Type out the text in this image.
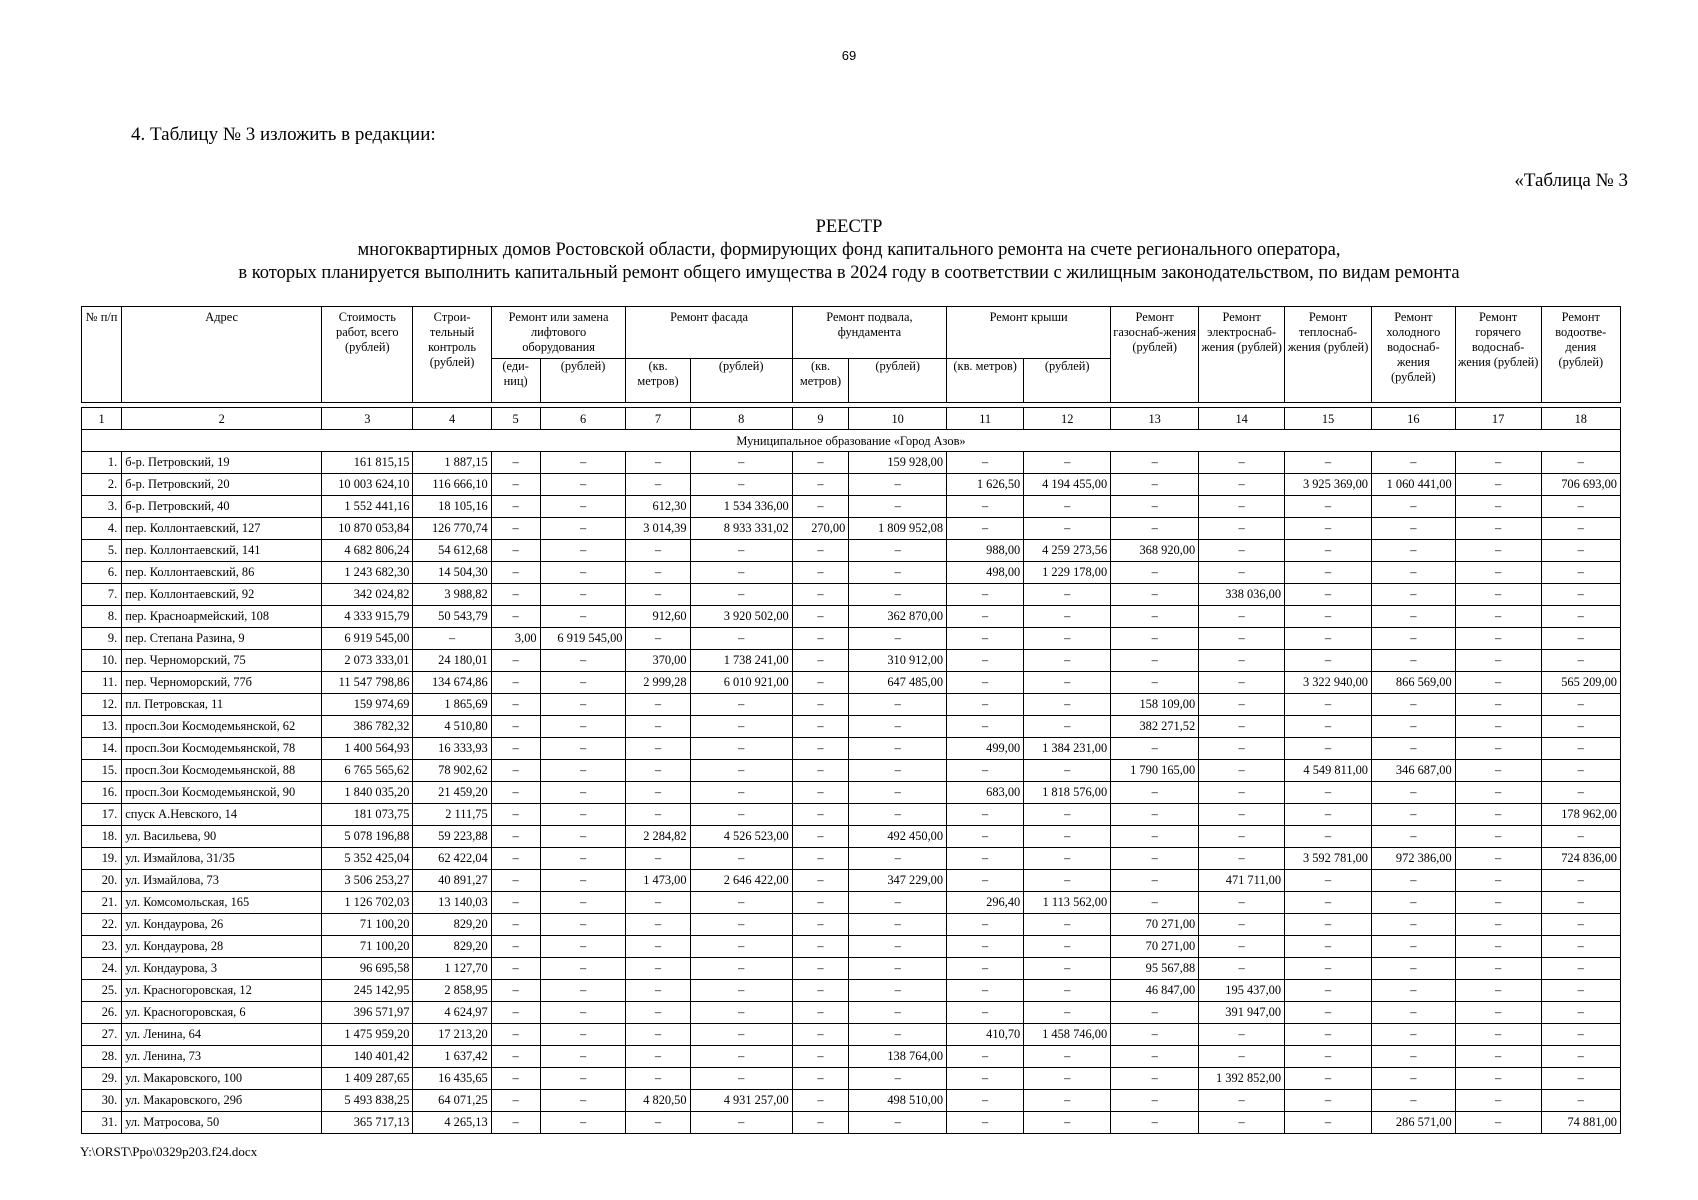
69
4. Таблицу № 3 изложить в редакции:
«Таблица № 3
РЕЕСТР
многоквартирных домов Ростовской области, формирующих фонд капитального ремонта на счете регионального оператора,
в которых планируется выполнить капитальный ремонт общего имущества в 2024 году в соответствии с жилищным законодательством, по видам ремонта
№ п/п	Адрес	Стоимость работ, всего (рублей)	Строи-тельный контроль (рублей)	Ремонт или замена лифтового оборудования		Ремонт фасада		Ремонт подвала, фундамента		Ремонт крыши		Ремонт газоснаб-жения (рублей)	Ремонт электроснаб-жения (рублей)	Ремонт теплоснаб-жения (рублей)	Ремонт холодного водоснаб-жения (рублей)	Ремонт горячего водоснаб-жения (рублей)	Ремонт водоотве-дения (рублей)
				(еди-ниц)	(рублей)	(кв. метров)	(рублей)	(кв. метров)	(рублей)	(кв. метров)	(рублей)						

1	2	3	4	5	6	7	8	9	10	11	12	13	14	15	16	17	18
Муниципальное образование «Город Азов»																	
1.	б-р. Петровский, 19	161 815,15	1 887,15	–	–	–	–	–	159 928,00	–	–	–	–	–	–	–	–
2.	б-р. Петровский, 20	10 003 624,10	116 666,10	–	–	–	–	–	–	1 626,50	4 194 455,00	–	–	3 925 369,00	1 060 441,00	–	706 693,00
3.	б-р. Петровский, 40	1 552 441,16	18 105,16	–	–	612,30	1 534 336,00	–	–	–	–	–	–	–	–	–	–
4.	пер. Коллонтаевский, 127	10 870 053,84	126 770,74	–	–	3 014,39	8 933 331,02	270,00	1 809 952,08	–	–	–	–	–	–	–	–
5.	пер. Коллонтаевский, 141	4 682 806,24	54 612,68	–	–	–	–	–	–	988,00	4 259 273,56	368 920,00	–	–	–	–	–
6.	пер. Коллонтаевский, 86	1 243 682,30	14 504,30	–	–	–	–	–	–	498,00	1 229 178,00	–	–	–	–	–	–
7.	пер. Коллонтаевский, 92	342 024,82	3 988,82	–	–	–	–	–	–	–	–	–	338 036,00	–	–	–	–
8.	пер. Красноармейский, 108	4 333 915,79	50 543,79	–	–	912,60	3 920 502,00	–	362 870,00	–	–	–	–	–	–	–	–
9.	пер. Степана Разина, 9	6 919 545,00	–	3,00	6 919 545,00	–	–	–	–	–	–	–	–	–	–	–	–
10.	пер. Черноморский, 75	2 073 333,01	24 180,01	–	–	370,00	1 738 241,00	–	310 912,00	–	–	–	–	–	–	–	–
11.	пер. Черноморский, 77б	11 547 798,86	134 674,86	–	–	2 999,28	6 010 921,00	–	647 485,00	–	–	–	–	3 322 940,00	866 569,00	–	565 209,00
12.	пл. Петровская, 11	159 974,69	1 865,69	–	–	–	–	–	–	–	–	158 109,00	–	–	–	–	–
13.	просп.Зои Космодемьянской, 62	386 782,32	4 510,80	–	–	–	–	–	–	–	–	382 271,52	–	–	–	–	–
14.	просп.Зои Космодемьянской, 78	1 400 564,93	16 333,93	–	–	–	–	–	–	499,00	1 384 231,00	–	–	–	–	–	–
15.	просп.Зои Космодемьянской, 88	6 765 565,62	78 902,62	–	–	–	–	–	–	–	–	1 790 165,00	–	4 549 811,00	346 687,00	–	–
16.	просп.Зои Космодемьянской, 90	1 840 035,20	21 459,20	–	–	–	–	–	–	683,00	1 818 576,00	–	–	–	–	–	–
17.	спуск А.Невского, 14	181 073,75	2 111,75	–	–	–	–	–	–	–	–	–	–	–	–	–	178 962,00
18.	ул. Васильева, 90	5 078 196,88	59 223,88	–	–	2 284,82	4 526 523,00	–	492 450,00	–	–	–	–	–	–	–	–
19.	ул. Измайлова, 31/35	5 352 425,04	62 422,04	–	–	–	–	–	–	–	–	–	–	3 592 781,00	972 386,00	–	724 836,00
20.	ул. Измайлова, 73	3 506 253,27	40 891,27	–	–	1 473,00	2 646 422,00	–	347 229,00	–	–	–	471 711,00	–	–	–	–
21.	ул. Комсомольская, 165	1 126 702,03	13 140,03	–	–	–	–	–	–	296,40	1 113 562,00	–	–	–	–	–	–
22.	ул. Кондаурова, 26	71 100,20	829,20	–	–	–	–	–	–	–	–	70 271,00	–	–	–	–	–
23.	ул. Кондаурова, 28	71 100,20	829,20	–	–	–	–	–	–	–	–	70 271,00	–	–	–	–	–
24.	ул. Кондаурова, 3	96 695,58	1 127,70	–	–	–	–	–	–	–	–	95 567,88	–	–	–	–	–
25.	ул. Красногоровская, 12	245 142,95	2 858,95	–	–	–	–	–	–	–	–	46 847,00	195 437,00	–	–	–	–
26.	ул. Красногоровская, 6	396 571,97	4 624,97	–	–	–	–	–	–	–	–	–	391 947,00	–	–	–	–
27.	ул. Ленина, 64	1 475 959,20	17 213,20	–	–	–	–	–	–	410,70	1 458 746,00	–	–	–	–	–	–
28.	ул. Ленина, 73	140 401,42	1 637,42	–	–	–	–	–	138 764,00	–	–	–	–	–	–	–	–
29.	ул. Макаровского, 100	1 409 287,65	16 435,65	–	–	–	–	–	–	–	–	–	1 392 852,00	–	–	–	–
30.	ул. Макаровского, 29б	5 493 838,25	64 071,25	–	–	4 820,50	4 931 257,00	–	498 510,00	–	–	–	–	–	–	–	–
31.	ул. Матросова, 50	365 717,13	4 265,13	–	–	–	–	–	–	–	–	–	–	–	286 571,00	–	74 881,00
Y:\ORST\Ppo\0329p203.f24.docx
